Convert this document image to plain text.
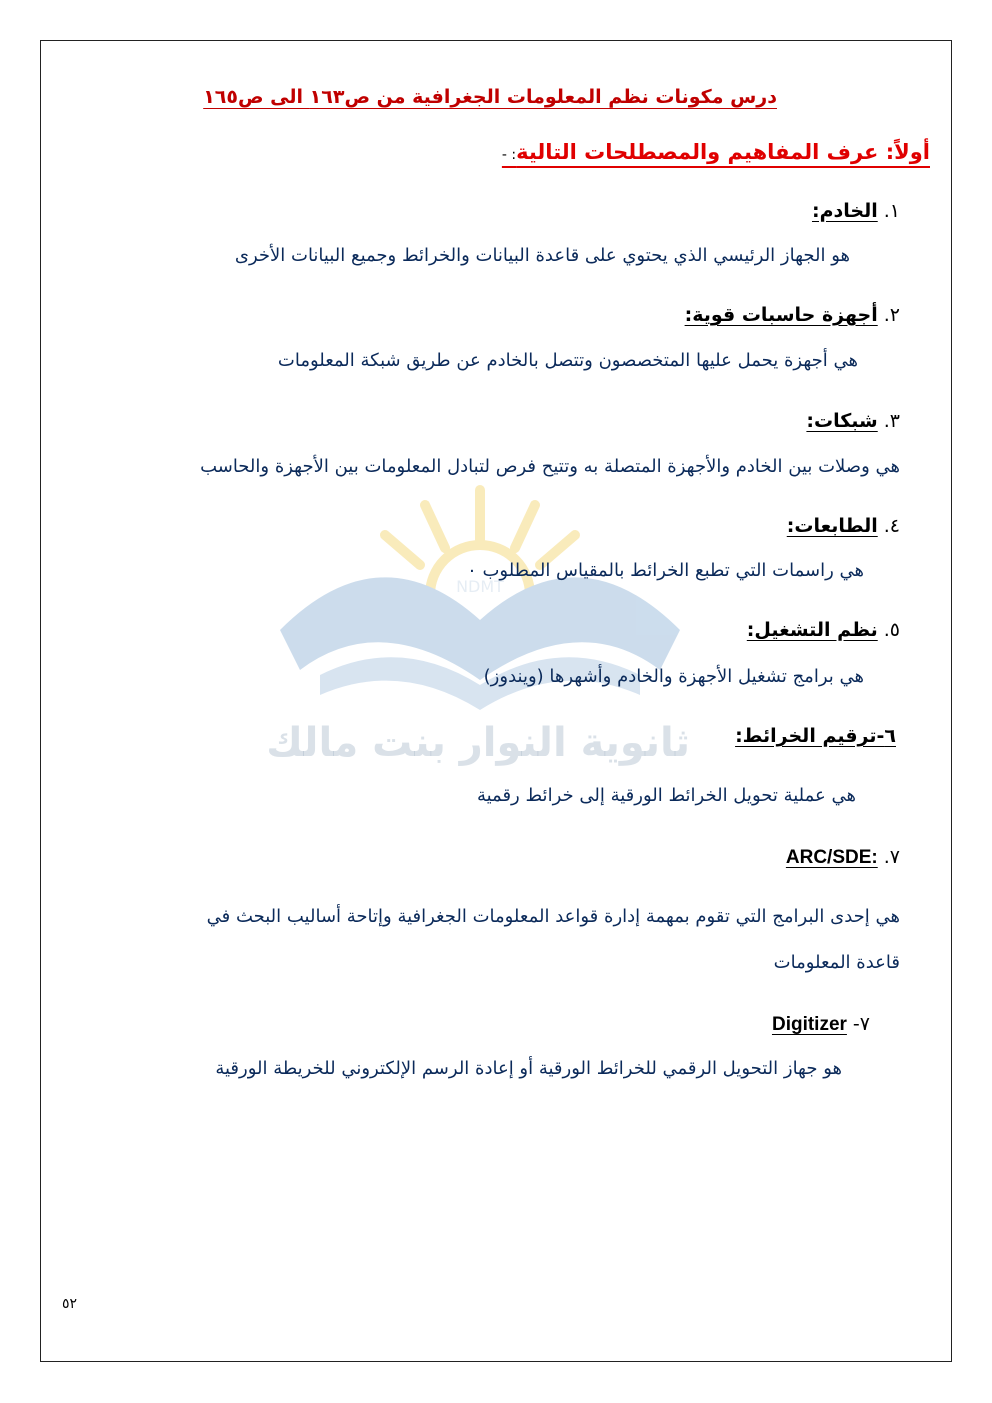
NDMT
ثانوية النوار بنت مالك
درس مكونات نظم المعلومات الجغرافية من ص١٦٣ الى ص١٦٥
أولاً: عرف المفاهيم والمصطلحات التالية: -
١.الخادم:
هو الجهاز الرئيسي الذي يحتوي على قاعدة البيانات والخرائط وجميع البيانات الأخرى
٢.أجهزة حاسبات قوية:
هي أجهزة يحمل عليها المتخصصون وتتصل بالخادم عن طريق شبكة المعلومات
٣.شبكات:
هي وصلات بين الخادم والأجهزة المتصلة به وتتيح فرص لتبادل المعلومات بين الأجهزة والحاسب
٤.الطابعات:
هي راسمات التي تطبع الخرائط بالمقياس المطلوب ٠
٥.نظم التشغيل:
هي برامج تشغيل الأجهزة والخادم وأشهرها (ويندوز)
٦-ترقيم الخرائط:
هي عملية تحويل الخرائط الورقية إلى خرائط رقمية
٧.ARC/SDE:
هي إحدى البرامج التي تقوم بمهمة إدارة قواعد المعلومات الجغرافية وإتاحة أساليب البحث في
قاعدة المعلومات
٧-Digitizer
هو جهاز التحويل الرقمي للخرائط الورقية أو إعادة الرسم الإلكتروني للخريطة الورقية
٥٢
